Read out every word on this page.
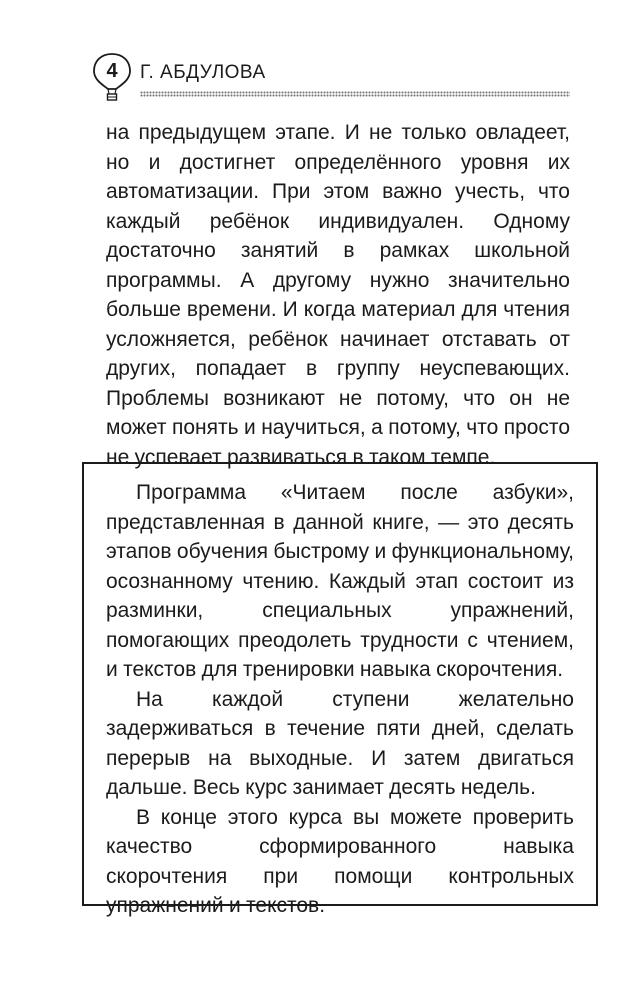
4	Г. АБДУЛОВА

на предыдущем этапе. И не только овладеет, но и достигнет определённого уровня их автоматизации. При этом важно учесть, что каждый ребёнок индивидуален. Одному достаточно занятий в рамках школьной программы. А другому нужно значительно больше времени. И когда материал для чтения усложняется, ребёнок начинает отставать от других, попадает в группу неуспевающих. Проблемы возникают не потому, что он не может понять и научиться, а потому, что просто не успевает развиваться в таком темпе.

Программа «Читаем после азбуки», представленная в данной книге, — это десять этапов обучения быстрому и функциональному, осознанному чтению. Каждый этап состоит из разминки, специальных упражнений, помогающих преодолеть трудности с чтением, и текстов для тренировки навыка скорочтения.

На каждой ступени желательно задерживаться в течение пяти дней, сделать перерыв на выходные. И затем двигаться дальше. Весь курс занимает десять недель.

В конце этого курса вы можете проверить качество сформированного навыка скорочтения при помощи контрольных упражнений и текстов.
